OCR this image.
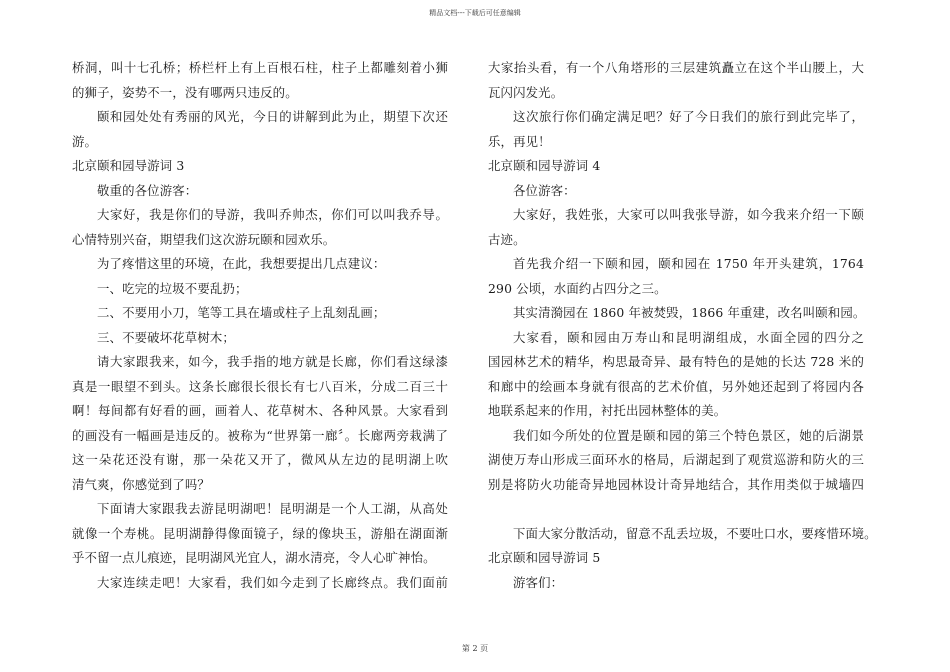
精品文档---下载后可任意编辑
桥洞，叫十七孔桥；桥栏杆上有上百根石柱，柱子上都雕刻着小狮
的狮子，姿势不一，没有哪两只违反的。
颐和园处处有秀丽的风光，今日的讲解到此为止，期望下次还
游。
北京颐和园导游词 3
敬重的各位游客：
大家好，我是你们的导游，我叫乔帅杰，你们可以叫我乔导。
心情特别兴奋，期望我们这次游玩颐和园欢乐。
为了疼惜这里的环境，在此，我想要提出几点建议：
一、吃完的垃圾不要乱扔；
二、不要用小刀，笔等工具在墙或柱子上乱刻乱画；
三、不要破坏花草树木；
请大家跟我来，如今，我手指的地方就是长廊，你们看这绿漆
真是一眼望不到头。这条长廊很长很长有七八百米，分成二百三十
啊！每间都有好看的画，画着人、花草树木、各种风景。大家看到
的画没有一幅画是违反的。被称为“世界第一廊〞。长廊两旁栽满了
这一朵花还没有谢，那一朵花又开了，微风从左边的昆明湖上吹
清气爽，你感觉到了吗？
下面请大家跟我去游昆明湖吧！昆明湖是一个人工湖，从高处
就像一个寿桃。昆明湖静得像面镜子，绿的像块玉，游船在湖面渐
乎不留一点儿痕迹，昆明湖风光宜人，湖水清亮，令人心旷神怡。
大家连续走吧！大家看，我们如今走到了长廊终点。我们面前
大家抬头看，有一个八角塔形的三层建筑矗立在这个半山腰上，大
瓦闪闪发光。
这次旅行你们确定满足吧？好了今日我们的旅行到此完毕了，
乐，再见！
北京颐和园导游词 4
各位游客：
大家好，我姓张，大家可以叫我张导游，如今我来介绍一下颐
古迹。
首先我介绍一下颐和园，颐和园在 1750 年开头建筑，1764
290 公顷，水面约占四分之三。
其实清漪园在 1860 年被焚毁，1866 年重建，改名叫颐和园。
大家看，颐和园由万寿山和昆明湖组成，水面全园的四分之
国园林艺术的精华，构思最奇异、最有特色的是她的长达 728 米的
和廊中的绘画本身就有很高的艺术价值，另外她还起到了将园内各
地联系起来的作用，衬托出园林整体的美。
我们如今所处的位置是颐和园的第三个特色景区，她的后湖景
湖使万寿山形成三面环水的格局，后湖起到了观赏巡游和防火的三
别是将防火功能奇异地园林设计奇异地结合，其作用类似于城墙四
下面大家分散活动，留意不乱丢垃圾，不要吐口水，要疼惜环境。
北京颐和园导游词 5
游客们：
第 2 页
